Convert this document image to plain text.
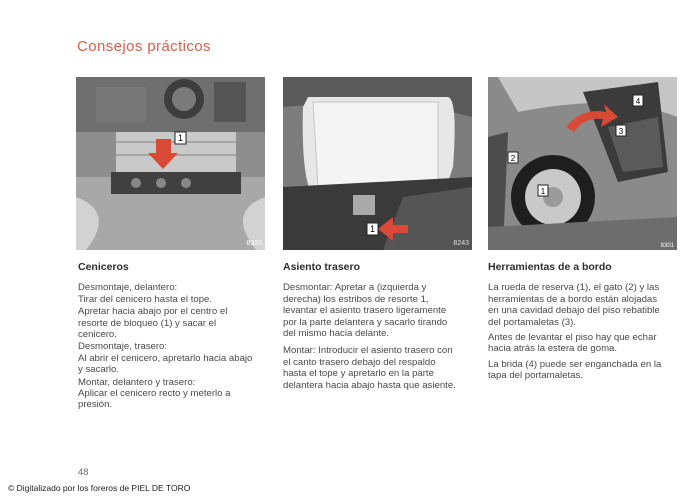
Consejos prácticos
1
8333
1
8243
1
2
3
4
8301
Ceniceros

Desmontaje, delantero:

Tirar del cenicero hasta el tope.

Apretar hacia abajo por el centro el resorte de bloqueo (1) y sacar el cenicero.

Desmontaje, trasero:

Al abrir el cenicero, apretarlo hacia abajo y sacarlo.

Montar, delantero y trasero:

Aplicar el cenicero recto y meterlo a presión.

Asiento trasero

Desmontar: Apretar a (izquierda y derecha) los estribos de resorte 1, levantar el asiento trasero ligeramente por la parte delantera y sacarlo tirando del mismo hacia delante.

Montar: Introducir el asiento trasero con el canto trasero debajo del respaldo hasta el tope y apretarlo en la parte delantera hacia abajo hasta que asiente.

Herramientas de a bordo

La rueda de reserva (1), el gato (2) y las herramientas de a bordo están alojadas en una cavidad debajo del piso rebatible del portamaletas (3).

Antes de levantar el piso hay que echar hacia atrás la estera de goma.

La brida (4) puede ser enganchada en la tapa del portamaletas.

48
© Digitalizado por los foreros de PIEL DE TORO
